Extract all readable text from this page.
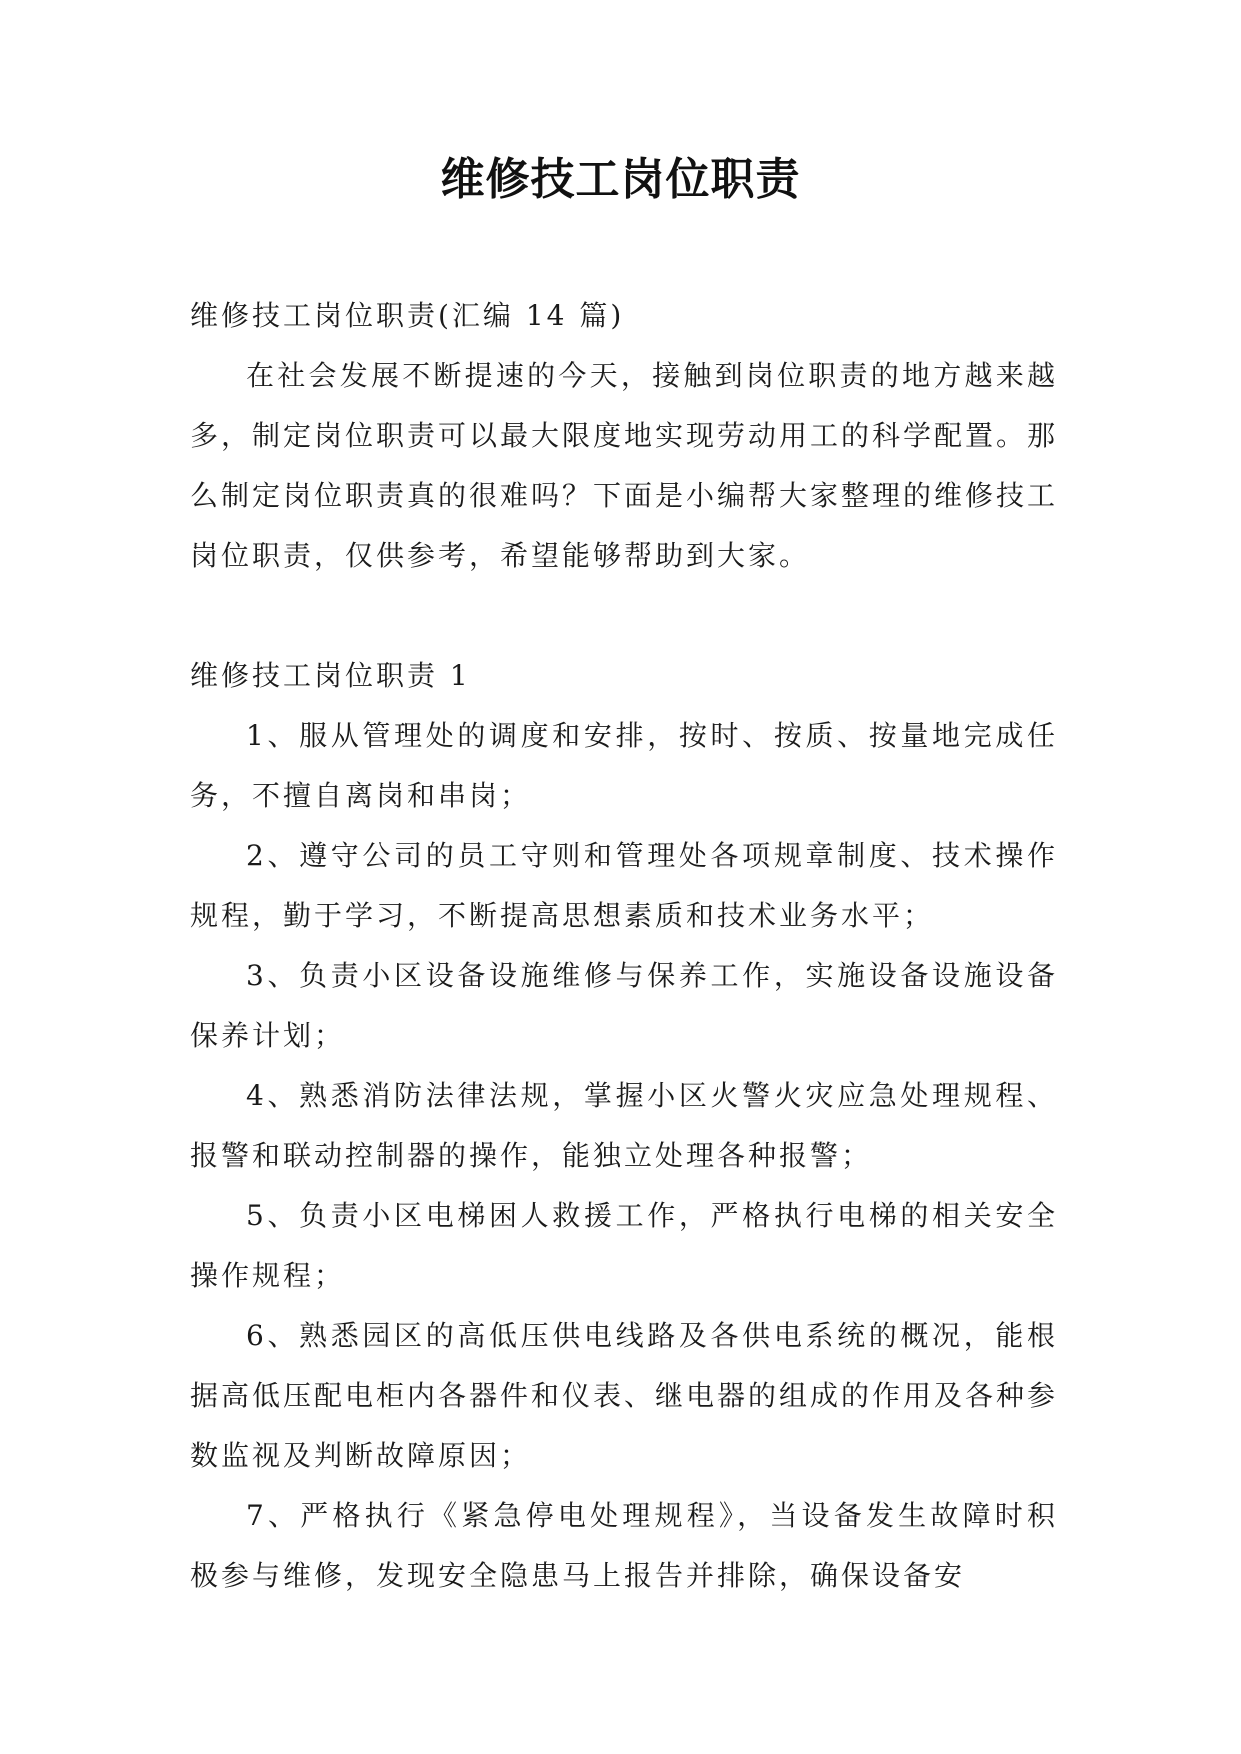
维修技工岗位职责

维修技工岗位职责(汇编 14 篇)

在社会发展不断提速的今天，接触到岗位职责的地方越来越多，制定岗位职责可以最大限度地实现劳动用工的科学配置。那么制定岗位职责真的很难吗？下面是小编帮大家整理的维修技工岗位职责，仅供参考，希望能够帮助到大家。

维修技工岗位职责 1

1、服从管理处的调度和安排，按时、按质、按量地完成任务，不擅自离岗和串岗；

2、遵守公司的员工守则和管理处各项规章制度、技术操作规程，勤于学习，不断提高思想素质和技术业务水平；

3、负责小区设备设施维修与保养工作，实施设备设施设备保养计划；

4、熟悉消防法律法规，掌握小区火警火灾应急处理规程、报警和联动控制器的操作，能独立处理各种报警；

5、负责小区电梯困人救援工作，严格执行电梯的相关安全操作规程；

6、熟悉园区的高低压供电线路及各供电系统的概况，能根据高低压配电柜内各器件和仪表、继电器的组成的作用及各种参数监视及判断故障原因；

7、严格执行《紧急停电处理规程》，当设备发生故障时积极参与维修，发现安全隐患马上报告并排除，确保设备安
